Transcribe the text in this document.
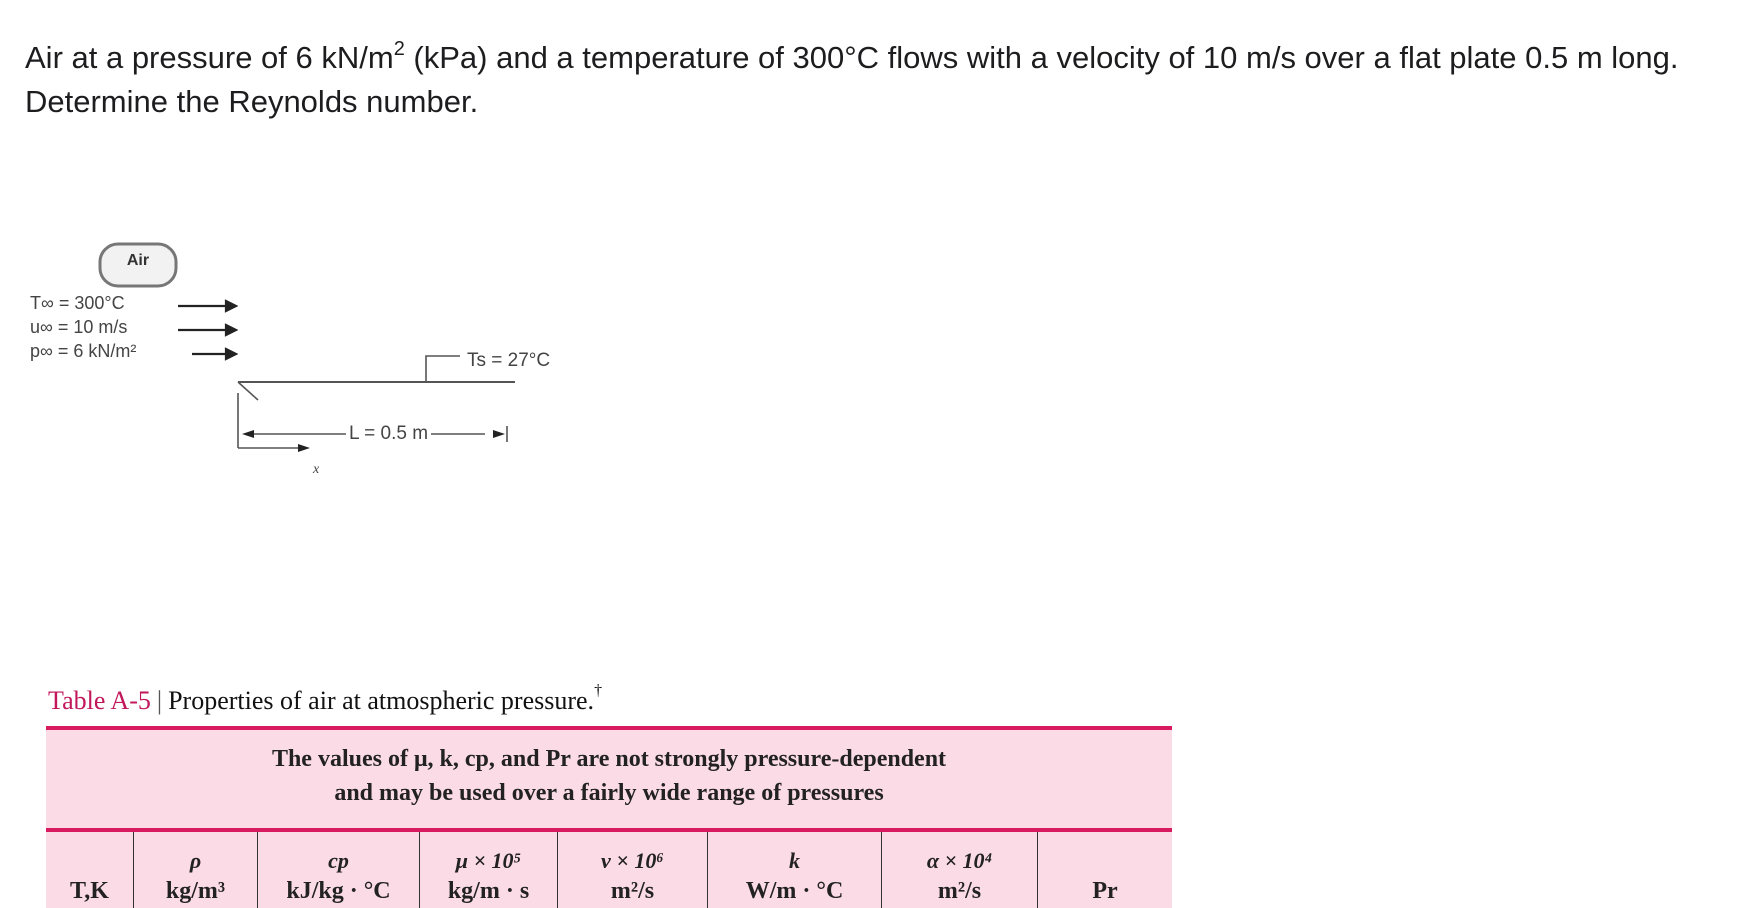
Air at a pressure of 6 $kN/m^2$ (kPa) and a temperature of 300°C flows with a velocity of 10 m/s over a flat plate 0.5 m long. Determine the Reynolds number.
Air
T∞ = 300°C
u∞ = 10 m/s
p∞ = 6 kN/m²	Ts = 27°C
L = 0.5 m
x
Table A-5 | Properties of air at atmospheric pressure.†
The values of μ, k, cp, and Pr are not strongly pressure-dependent
and may be used over a fairly wide range of pressures
T,K
ρ
kg/m³
cp
kJ/kg · °C
μ × 10⁵
kg/m · s
ν × 10⁶
m²/s
k
W/m · °C
α × 10⁴
m²/s	Pr
